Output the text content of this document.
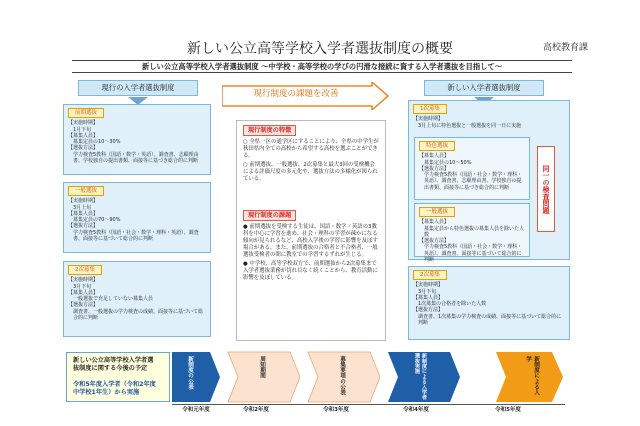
新しい公立高等学校入学者選抜制度の概要	高校教育課
新しい公立高等学校入学者選抜制度 ～中学校・高等学校の学びの円滑な接続に資する入学者選抜を目指して～
現行の入学者選抜制度
前期選抜
【実施時期】
1月下旬
【募集人員】
募集定員の10～30%
【選抜方法】
学力検査5教科（国語・数学・英語）、調査書、志願理由書、学校独自の提出書類、面接等に基づき総合的に判断
一般選抜
【実施時期】
3月上旬
【募集人員】
募集定員の70～90%
【選抜方法】
学力検査5教科（国語・社会・数学・理科・英語）、調査書、面接等に基づいて総合的に判断
2次募集
【実施時期】
3月下旬
【募集人員】
一般選抜で充足していない募集人員
【選抜方法】
調査書、一般選抜の学力検査の成績、面接等に基づいて総合的に判断
現行制度の課題を改善
現行制度の特徴
○ 全県一区の通学区にすることにより、全県の中学生が秋田県内全ての高校から希望する高校を選ぶことができる。
○ 前期選抜、一般選抜、2次募集と最大3回の受検機会による評価尺度の多元化や、選抜方法の多様化が図られている。
現行制度の課題
● 前期選抜を受検する生徒は、国語・数学・英語の3教科を中心に学習を進め、社会・理科の学習が疎かになる傾向が見られるなど、高校入学後の学習に影響を及ぼす場合がある。また、前期選抜の合格者と不合格者、一般選抜受検者の間に教室での学習するずれが生じる。
● 中学校、高等学校双方で、前期選抜から2次募集まで入学者選抜業務が切れ目なく続くことから、教育活動に影響を及ぼしている。
新しい入学者選抜制度
1次募集
【実施時期】
3月上旬に特色選抜と一般選抜を同一日に実施
特色選抜
【募集人員】
募集定員の10～50%
【選抜方法】
学力検査5教科（国語・社会・数学・理科・英語）、調査書、志願理由書、学校独自の提出書類、面接等に基づき総合的に判断
一般選抜
【募集人員】
募集定員から特色選抜の募集人員を除いた人数
【選抜方法】
学力検査5教科（国語・社会・数学・理科・英語）、調査書、面接等に基づいて総合的に判断
同一の検査問題
2次募集
【実施時期】
3月下旬
【募集人員】
1次募集の合格者を除いた人数
【選抜方法】
調査書、1次募集の学力検査の成績、面接等に基づいて総合的に判断
新しい公立高等学校入学者選
抜制度に関する今後の予定

令和5年度入学者（令和2年度
中学校1年生）から実施
新制度の公表	周知期間	募集要項の公表	新制度による入学者選抜実施	新制度による入学
令和元年度	令和2年度	令和3年度	令和4年度	令和5年度
